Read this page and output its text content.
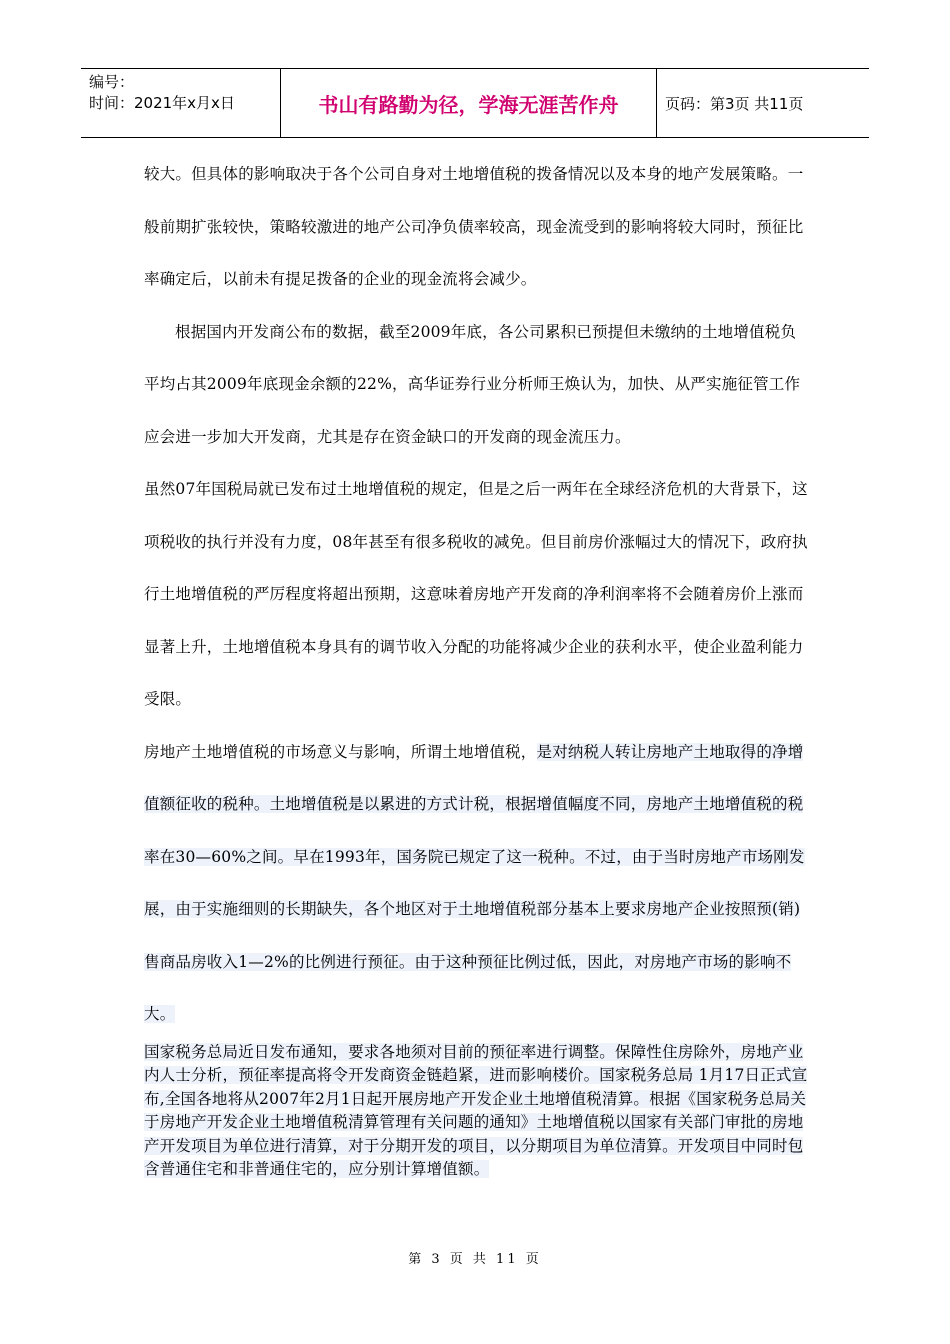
编号：
时间：2021年x月x日	书山有路勤为径，学海无涯苦作舟	页码：第3页 共11页

较大。但具体的影响取决于各个公司自身对土地增值税的拨备情况以及本身的地产发展策略。一般前期扩张较快，策略较激进的地产公司净负债率较高，现金流受到的影响将较大同时，预征比率确定后，以前未有提足拨备的企业的现金流将会减少。

根据国内开发商公布的数据，截至2009年底，各公司累积已预提但未缴纳的土地增值税负平均占其2009年底现金余额的22%，高华证券行业分析师王焕认为，加快、从严实施征管工作应会进一步加大开发商，尤其是存在资金缺口的开发商的现金流压力。

虽然07年国税局就已发布过土地增值税的规定，但是之后一两年在全球经济危机的大背景下，这项税收的执行并没有力度，08年甚至有很多税收的减免。但目前房价涨幅过大的情况下，政府执行土地增值税的严厉程度将超出预期，这意味着房地产开发商的净利润率将不会随着房价上涨而显著上升，土地增值税本身具有的调节收入分配的功能将减少企业的获利水平，使企业盈利能力受限。

房地产土地增值税的市场意义与影响，所谓土地增值税，是对纳税人转让房地产土地取得的净增值额征收的税种。土地增值税是以累进的方式计税，根据增值幅度不同，房地产土地增值税的税率在30—60%之间。早在1993年，国务院已规定了这一税种。不过，由于当时房地产市场刚发展，由于实施细则的长期缺失，各个地区对于土地增值税部分基本上要求房地产企业按照预(销)售商品房收入1—2%的比例进行预征。由于这种预征比例过低，因此，对房地产市场的影响不大。

国家税务总局近日发布通知，要求各地须对目前的预征率进行调整。保障性住房除外，房地产业内人士分析，预征率提高将令开发商资金链趋紧，进而影响楼价。国家税务总局 1月17日正式宣布,全国各地将从2007年2月1日起开展房地产开发企业土地增值税清算。根据《国家税务总局关于房地产开发企业土地增值税清算管理有关问题的通知》土地增值税以国家有关部门审批的房地产开发项目为单位进行清算，对于分期开发的项目，以分期项目为单位清算。开发项目中同时包含普通住宅和非普通住宅的，应分别计算增值额。

第 3 页 共 11 页
